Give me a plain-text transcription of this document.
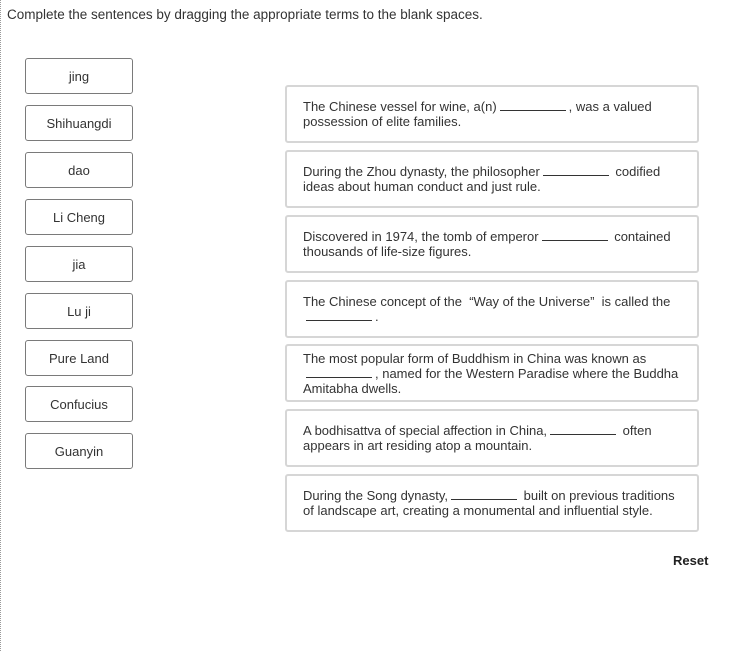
Complete the sentences by dragging the appropriate terms to the blank spaces.
jing
Shihuangdi
dao
Li Cheng
jia
Lu ji
Pure Land
Confucius
Guanyin
The Chinese vessel for wine, a(n)	, was a valued possession of elite families.
During the Zhou dynasty, the philosopher	codified ideas about human conduct and just rule.
Discovered in 1974, the tomb of emperor	contained thousands of life-size figures.
The Chinese concept of the  “Way of the Universe”  is called the.
The most popular form of Buddhism in China was known as, named for the Western Paradise where the Buddha Amitabha dwells.
A bodhisattva of special affection in China,	often appears in art residing atop a mountain.
During the Song dynasty,	built on previous traditions of landscape art, creating a monumental and influential style.
Reset
